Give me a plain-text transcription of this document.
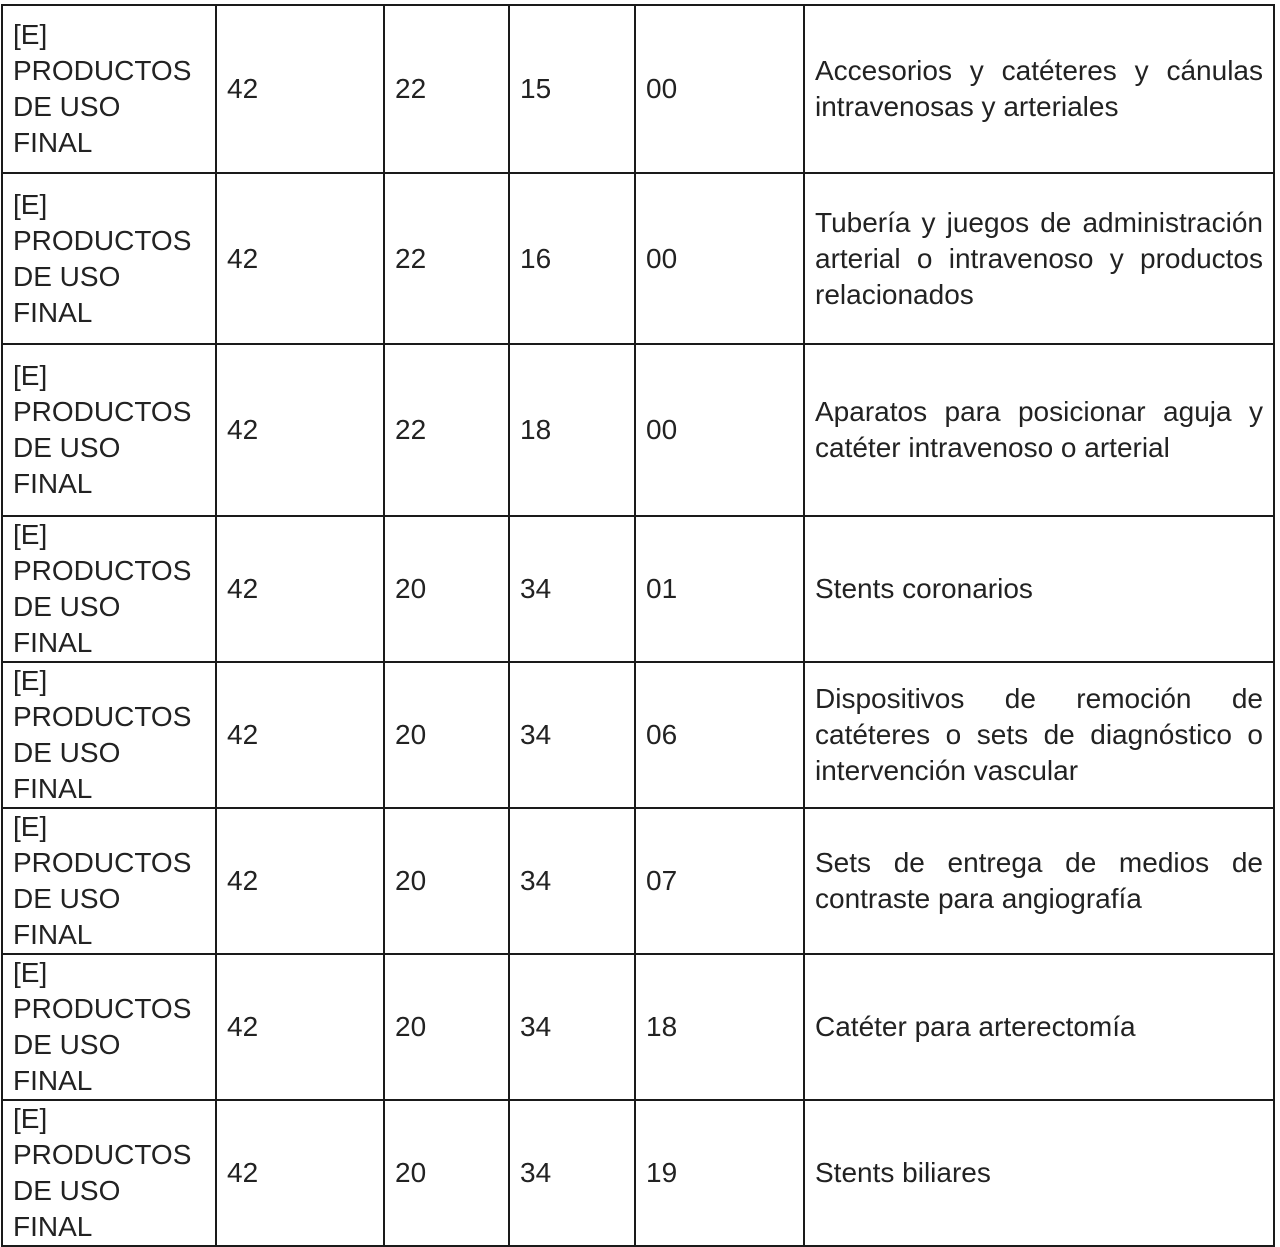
[E]
PRODUCTOS
DE USO FINAL	42	22	15	00	Accesorios y catéteres y cánulas intravenosas y arteriales

[E]
PRODUCTOS
DE USO FINAL	42	22	16	00	Tubería y juegos de administración arterial o intravenoso y productos relacionados

[E]
PRODUCTOS
DE USO FINAL	42	22	18	00	Aparatos para posicionar aguja y catéter intravenoso o arterial

[E]
PRODUCTOS
DE USO FINAL	42	20	34	01	Stents coronarios

[E]
PRODUCTOS
DE USO FINAL	42	20	34	06	Dispositivos de remoción de catéteres o sets de diagnóstico o intervención vascular

[E]
PRODUCTOS
DE USO FINAL	42	20	34	07	Sets de entrega de medios de contraste para angiografía

[E]
PRODUCTOS
DE USO FINAL	42	20	34	18	Catéter para arterectomía

[E]
PRODUCTOS
DE USO FINAL	42	20	34	19	Stents biliares
